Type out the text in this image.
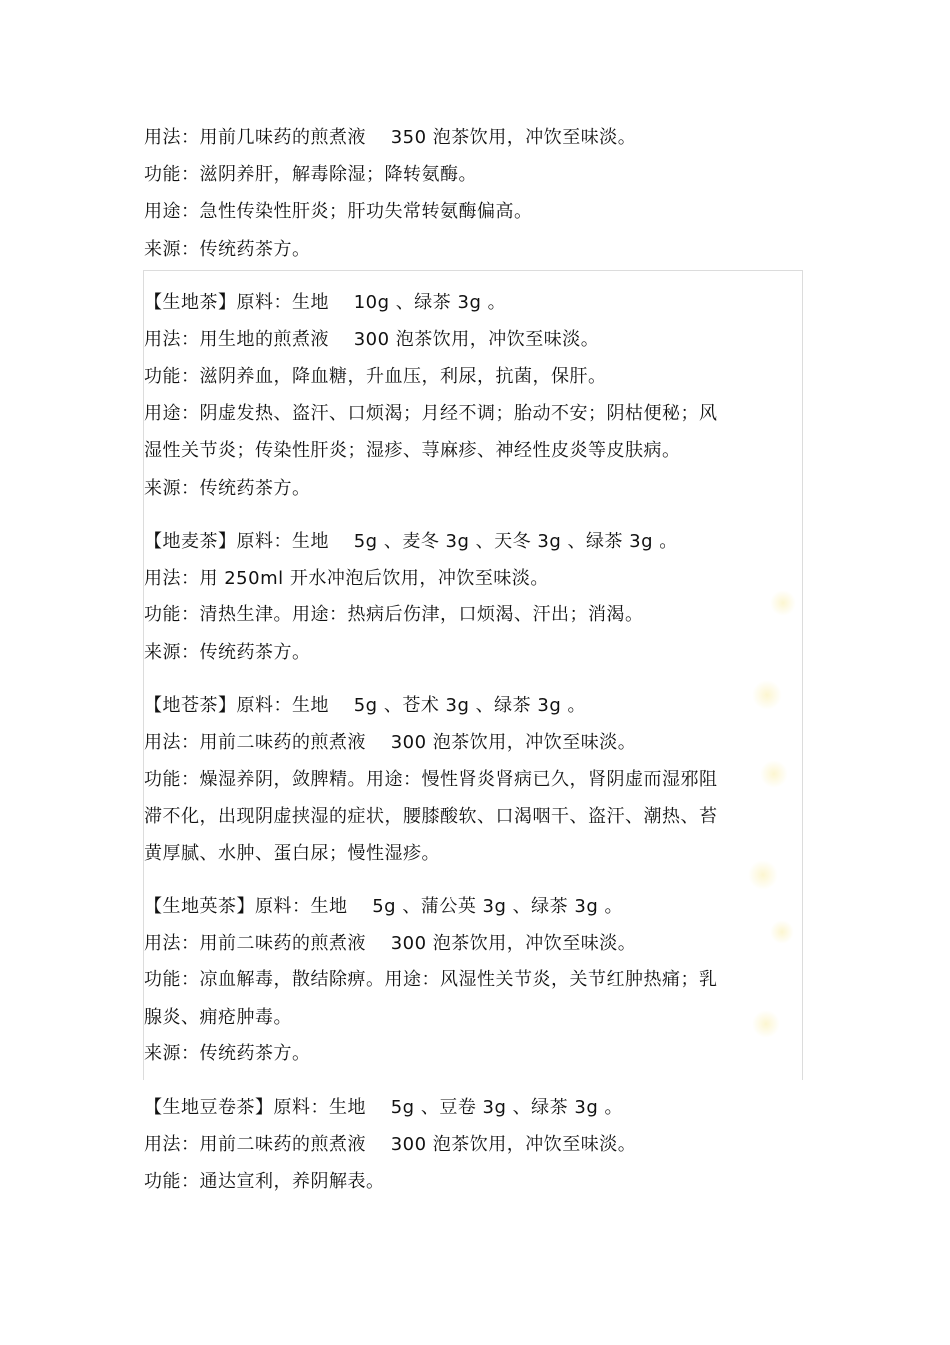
用法：用前几味药的煎煮液　 350 泡茶饮用，冲饮至味淡。
功能：滋阴养肝，解毒除湿；降转氨酶。
用途：急性传染性肝炎；肝功失常转氨酶偏高。
来源：传统药茶方。
【生地茶】原料：生地　 10g 、绿茶 3g 。
用法：用生地的煎煮液　 300 泡茶饮用，冲饮至味淡。
功能：滋阴养血，降血糖，升血压，利尿，抗菌，保肝。
用途：阴虚发热、盗汗、口烦渴；月经不调；胎动不安；阴枯便秘；风
湿性关节炎；传染性肝炎；湿疹、荨麻疹、神经性皮炎等皮肤病。
来源：传统药茶方。
【地麦茶】原料：生地　 5g 、麦冬 3g 、天冬 3g 、绿茶 3g 。
用法：用 250ml 开水冲泡后饮用，冲饮至味淡。
功能：清热生津。用途：热病后伤津，口烦渴、汗出；消渴。
来源：传统药茶方。
【地苍茶】原料：生地　 5g 、苍术 3g 、绿茶 3g 。
用法：用前二味药的煎煮液　 300 泡茶饮用，冲饮至味淡。
功能：燥湿养阴，敛脾精。用途：慢性肾炎肾病已久，肾阴虚而湿邪阻
滞不化，出现阴虚挟湿的症状，腰膝酸软、口渴咽干、盗汗、潮热、苔
黄厚腻、水肿、蛋白尿；慢性湿疹。
【生地英茶】原料：生地　 5g 、蒲公英 3g 、绿茶 3g 。
用法：用前二味药的煎煮液　 300 泡茶饮用，冲饮至味淡。
功能：凉血解毒，散结除痹。用途：风湿性关节炎，关节红肿热痛；乳
腺炎、痈疮肿毒。
来源：传统药茶方。
【生地豆卷茶】原料：生地　 5g 、豆卷 3g 、绿茶 3g 。
用法：用前二味药的煎煮液　 300 泡茶饮用，冲饮至味淡。
功能：通达宣利，养阴解表。
